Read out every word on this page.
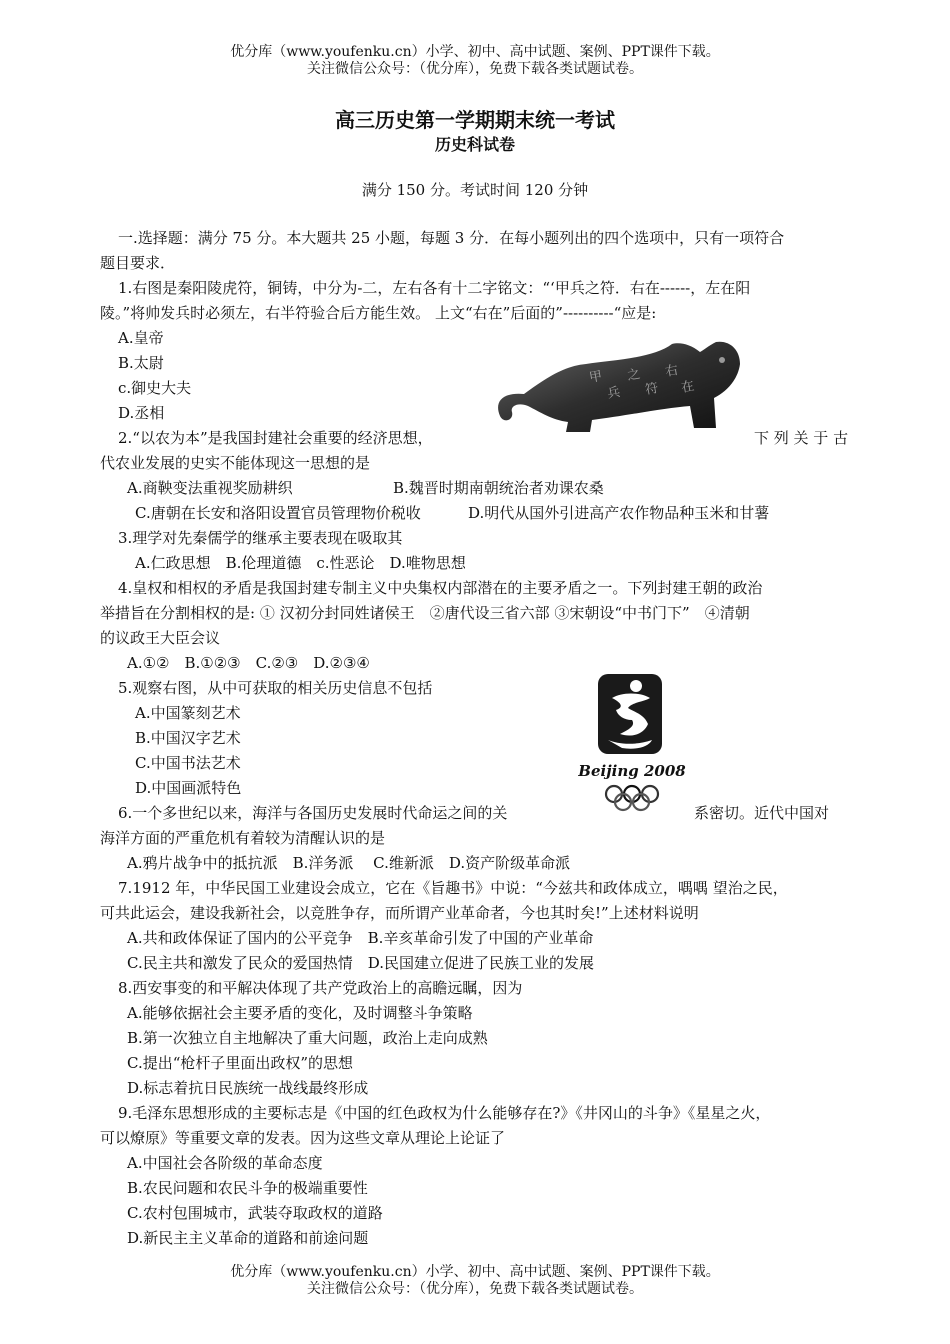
优分库（www.youfenku.cn）小学、初中、高中试题、案例、PPT课件下载。
关注微信公众号：（优分库），免费下载各类试题试卷。
高三历史第一学期期末统一考试
历史科试卷
满分 150 分。考试时间 120 分钟
一.选择题：满分 75 分。本大题共 25 小题，每题 3 分．在每小题列出的四个选项中，只有一项符合
题目要求．
1.右图是秦阳陵虎符，铜铸，中分为-二，左右各有十二字铭文：“‘甲兵之符．右在------，左在阳
陵。”将帅发兵时必须左，右半符验合后方能生效。 上文“右在”后面的”----------“应是:
A.皇帝
B.太尉
c.御史大夫
D.丞相
甲
兵
之
符
右
在
2.“以农为本”是我国封建社会重要的经济思想，	下 列 关 于 古
代农业发展的史实不能体现这一思想的是
A.商鞅变法重视奖励耕织	B.魏晋时期南朝统治者劝课农桑
C.唐朝在长安和洛阳设置官员管理物价税收	D.明代从国外引进高产农作物品种玉米和甘薯
3.理学对先秦儒学的继承主要表现在吸取其
A.仁政思想　B.伦理道德　c.性恶论　D.唯物思想
4.皇权和相权的矛盾是我国封建专制主义中央集权内部潜在的主要矛盾之一。下列封建王朝的政治
举措旨在分割相权的是: ① 汉初分封同姓诸侯王　②唐代设三省六部 ③宋朝设“中书门下”　④清朝
的议政王大臣会议
A.①②　B.①②③　C.②③　D.②③④
5.观察右图，从中可获取的相关历史信息不包括
A.中国篆刻艺术
B.中国汉字艺术
C.中国书法艺术
D.中国画派特色
Beijing 2008
6.一个多世纪以来，海洋与各国历史发展时代命运之间的关	系密切。近代中国对
海洋方面的严重危机有着较为清醒认识的是
A.鸦片战争中的抵抗派　B.洋务派　 C.维新派　D.资产阶级革命派
7.1912 年，中华民国工业建设会成立，它在《旨趣书》中说：“今兹共和政体成立，喁喁 望治之民，
可共此运会，建设我新社会，以竞胜争存，而所谓产业革命者，今也其时矣!”上述材料说明
A.共和政体保证了国内的公平竞争　B.辛亥革命引发了中国的产业革命
C.民主共和激发了民众的爱国热情　D.民国建立促进了民族工业的发展
8.西安事变的和平解决体现了共产党政治上的高瞻远瞩，因为
A.能够依据社会主要矛盾的变化，及时调整斗争策略
B.第一次独立自主地解决了重大问题，政治上走向成熟
C.提出“枪杆子里面出政权”的思想
D.标志着抗日民族统一战线最终形成
9.毛泽东思想形成的主要标志是《中国的红色政权为什么能够存在?》《井冈山的斗争》《星星之火，
可以燎原》等重要文章的发表。因为这些文章从理论上论证了
A.中国社会各阶级的革命态度
B.农民问题和农民斗争的极端重要性
C.农村包围城市，武装夺取政权的道路
D.新民主主义革命的道路和前途问题
优分库（www.youfenku.cn）小学、初中、高中试题、案例、PPT课件下载。
关注微信公众号：（优分库），免费下载各类试题试卷。
